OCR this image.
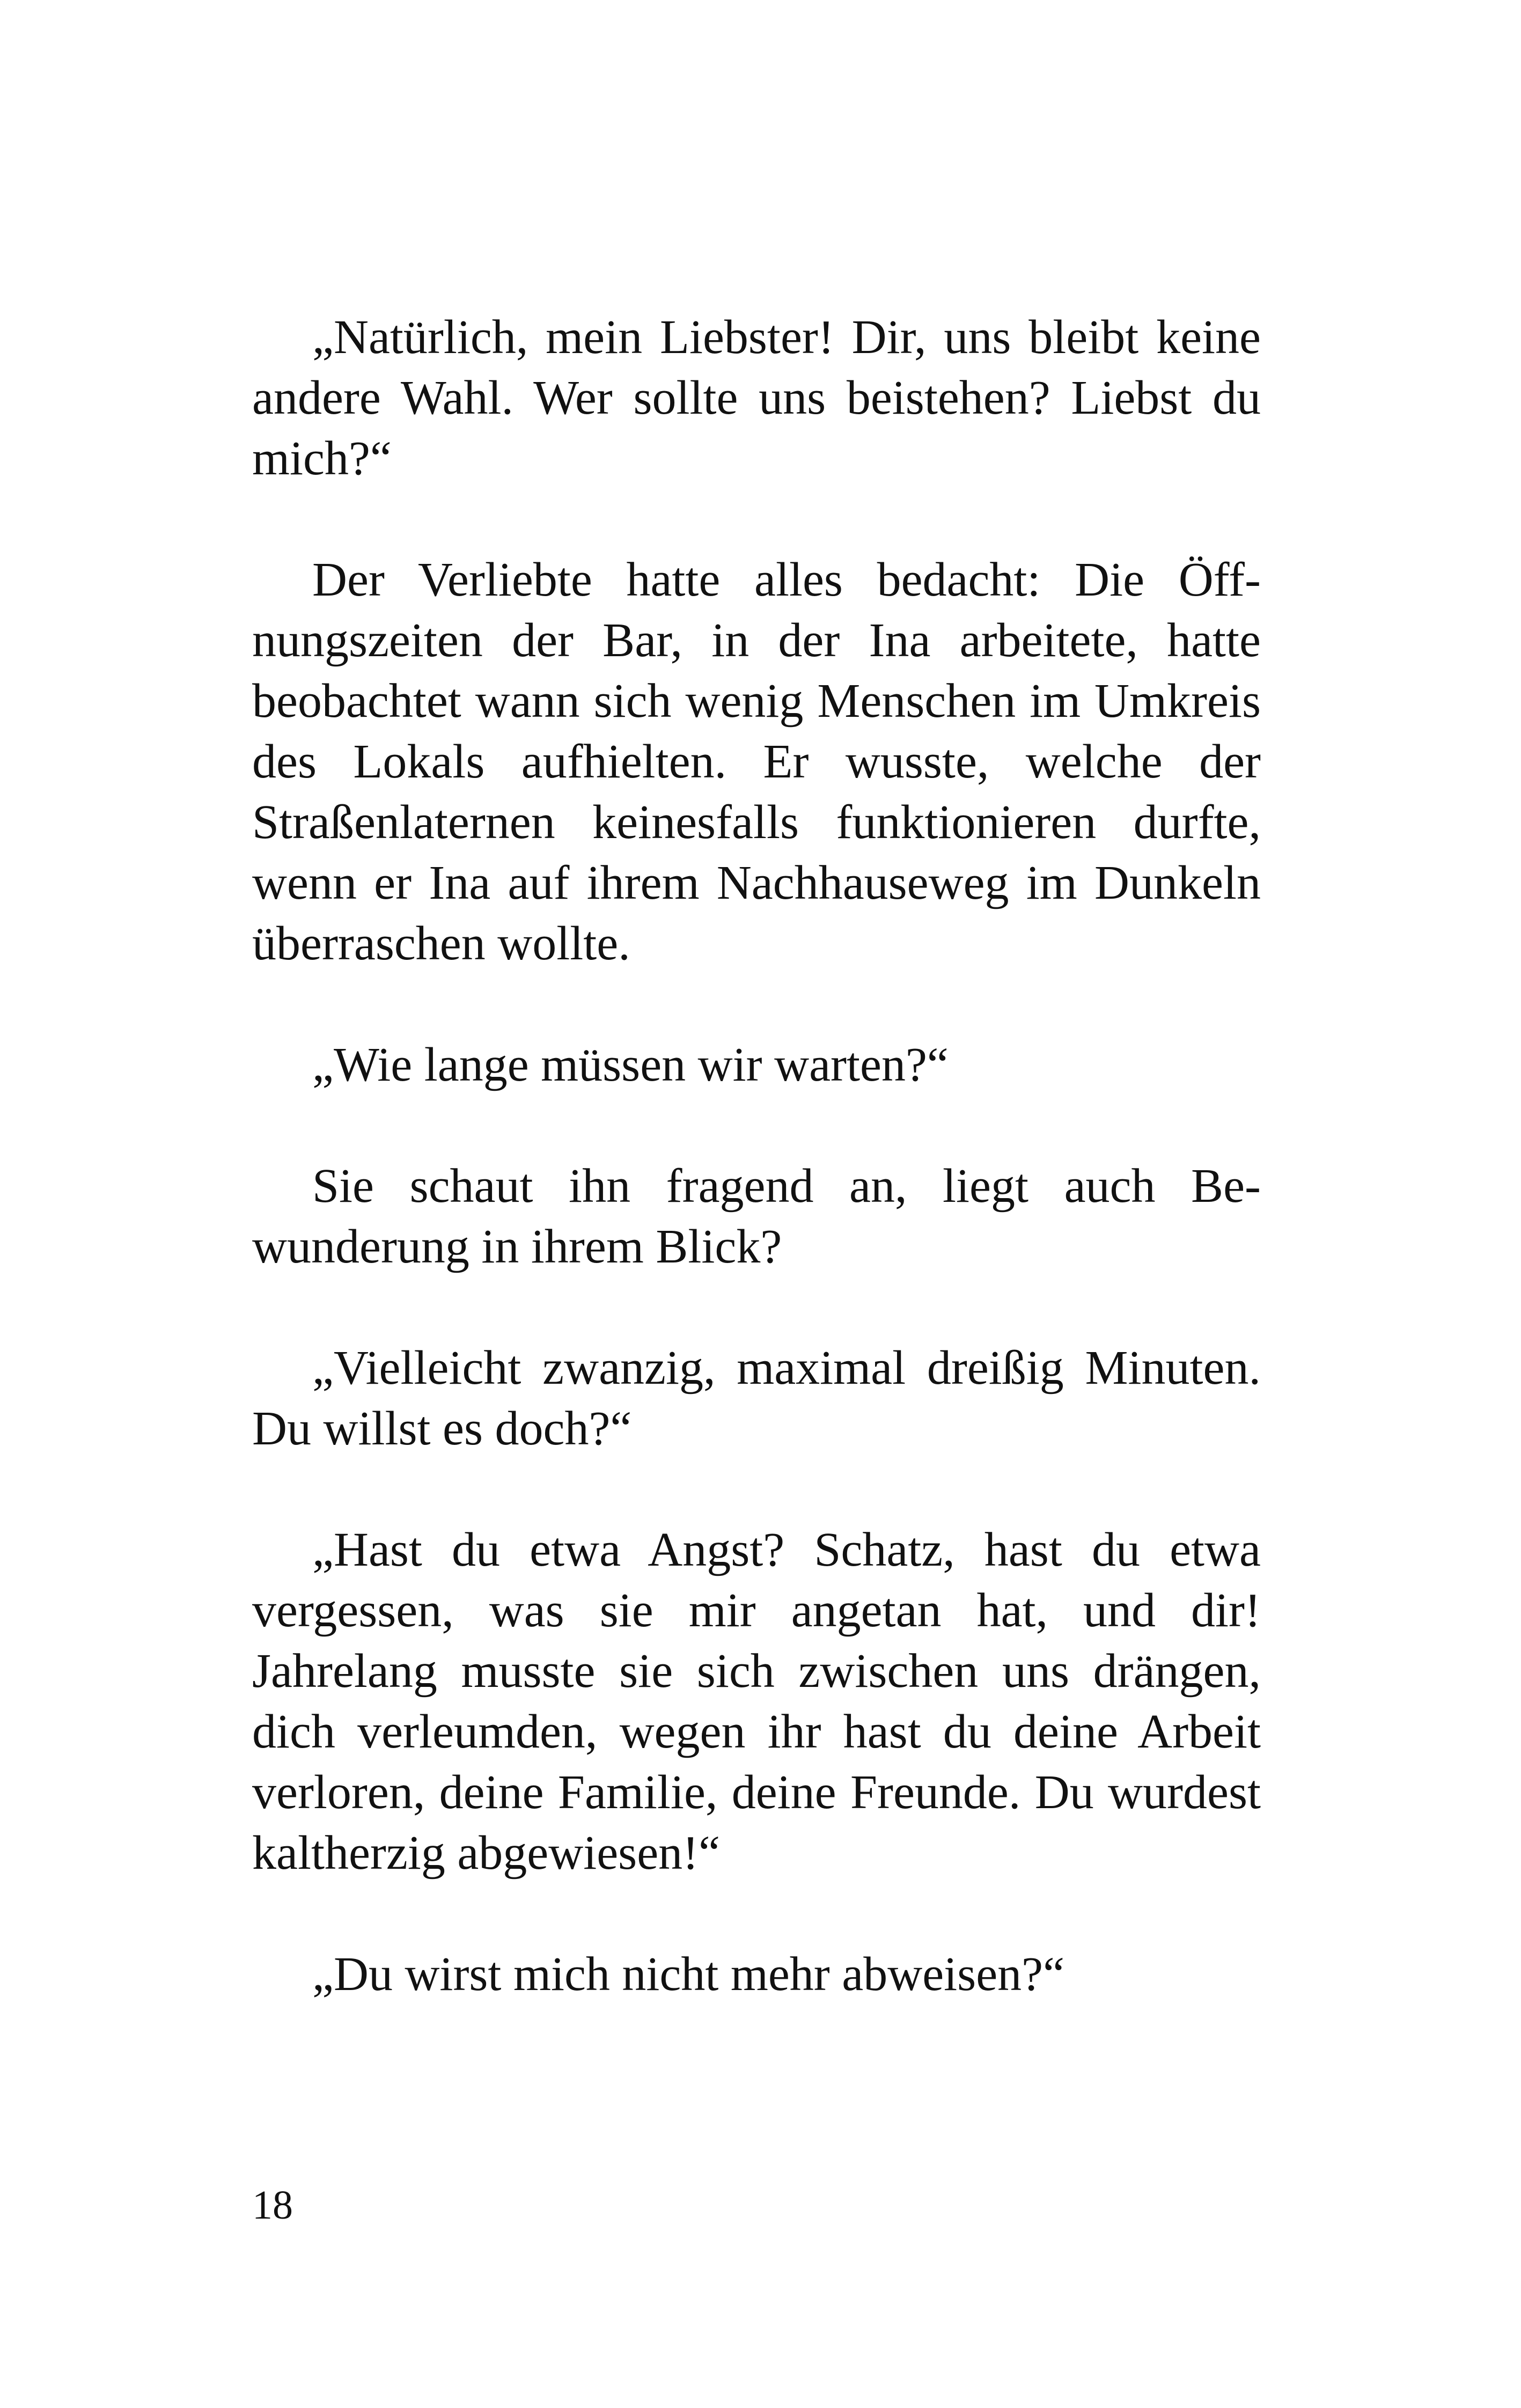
„Natürlich, mein Liebster! Dir, uns bleibt keine andere Wahl. Wer sollte uns beistehen? Liebst du mich?“

Der Verliebte hatte alles bedacht: Die Öffnungszeiten der Bar, in der Ina arbeitete, hatte beobachtet wann sich wenig Menschen im Umkreis des Lokals aufhielten. Er wusste, welche der Straßenlaternen keinesfalls funktionieren durfte, wenn er Ina auf ihrem Nachhauseweg im Dunkeln überraschen wollte.

„Wie lange müssen wir warten?“

Sie schaut ihn fragend an, liegt auch Bewunderung in ihrem Blick?

„Vielleicht zwanzig, maximal dreißig Minuten. Du willst es doch?“

„Hast du etwa Angst? Schatz, hast du etwa vergessen, was sie mir angetan hat, und dir! Jahrelang musste sie sich zwischen uns drängen, dich verleumden, wegen ihr hast du deine Arbeit verloren, deine Familie, deine Freunde. Du wurdest kaltherzig abgewiesen!“

„Du wirst mich nicht mehr abweisen?“

18
